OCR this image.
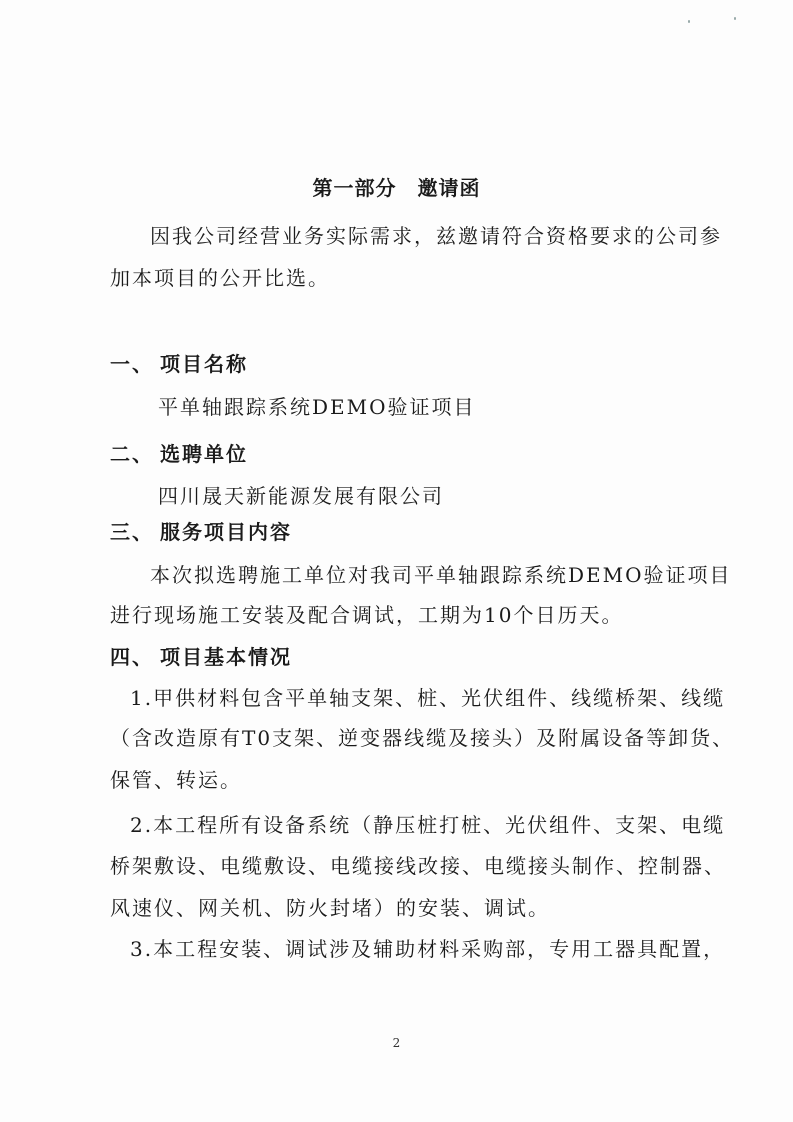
第一部分　邀请函
因我公司经营业务实际需求，兹邀请符合资格要求的公司参
加本项目的公开比选。
一、 项目名称
平单轴跟踪系统DEMO验证项目
二、 选聘单位
四川晟天新能源发展有限公司
三、 服务项目内容
本次拟选聘施工单位对我司平单轴跟踪系统DEMO验证项目
进行现场施工安装及配合调试，工期为10个日历天。
四、 项目基本情况
1.甲供材料包含平单轴支架、桩、光伏组件、线缆桥架、线缆
（含改造原有T0支架、逆变器线缆及接头）及附属设备等卸货、
保管、转运。
2.本工程所有设备系统（静压桩打桩、光伏组件、支架、电缆
桥架敷设、电缆敷设、电缆接线改接、电缆接头制作、控制器、
风速仪、网关机、防火封堵）的安装、调试。
3.本工程安装、调试涉及辅助材料采购部，专用工器具配置，
2
